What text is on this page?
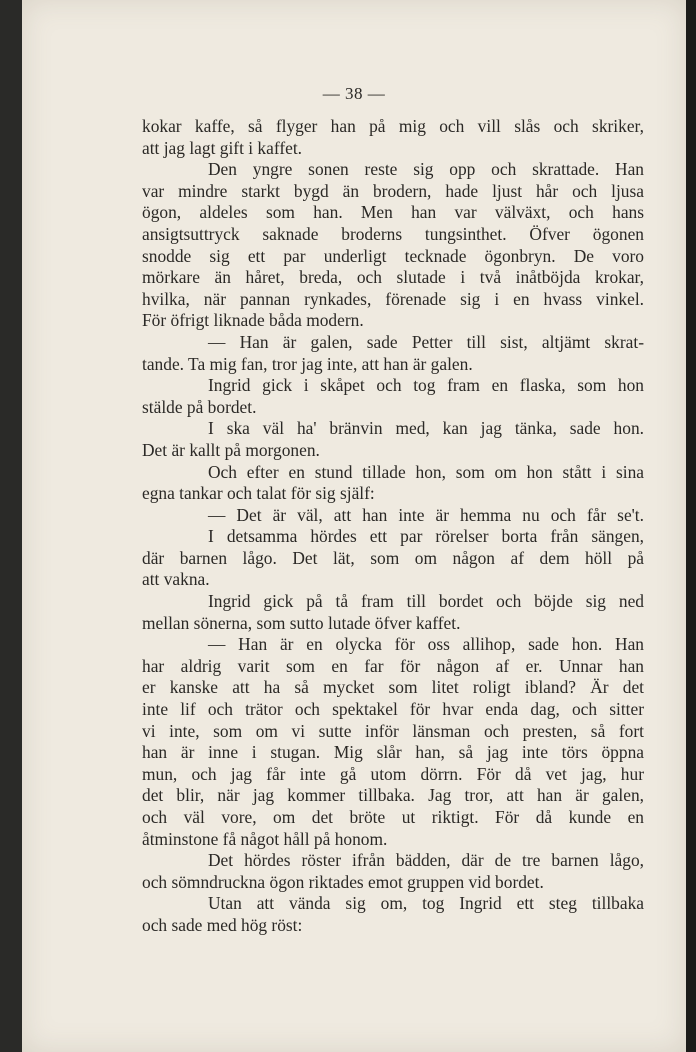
— 38 —
kokar kaffe, så flyger han på mig och vill slås och skriker,
att jag lagt gift i kaffet.
Den yngre sonen reste sig opp och skrattade. Han
var mindre starkt bygd än brodern, hade ljust hår och ljusa
ögon, aldeles som han. Men han var välväxt, och hans
ansigtsuttryck saknade broderns tungsinthet. Öfver ögonen
snodde sig ett par underligt tecknade ögonbryn. De voro
mörkare än håret, breda, och slutade i två inåtböjda krokar,
hvilka, när pannan rynkades, förenade sig i en hvass vinkel.
För öfrigt liknade båda modern.
— Han är galen, sade Petter till sist, altjämt skrat-
tande. Ta mig fan, tror jag inte, att han är galen.
Ingrid gick i skåpet och tog fram en flaska, som hon
stälde på bordet.
I ska väl ha' bränvin med, kan jag tänka, sade hon.
Det är kallt på morgonen.
Och efter en stund tillade hon, som om hon stått i sina
egna tankar och talat för sig själf:
— Det är väl, att han inte är hemma nu och får se't.
I detsamma hördes ett par rörelser borta från sängen,
där barnen lågo. Det lät, som om någon af dem höll på
att vakna.
Ingrid gick på tå fram till bordet och böjde sig ned
mellan sönerna, som sutto lutade öfver kaffet.
— Han är en olycka för oss allihop, sade hon. Han
har aldrig varit som en far för någon af er. Unnar han
er kanske att ha så mycket som litet roligt ibland? Är det
inte lif och trätor och spektakel för hvar enda dag, och sitter
vi inte, som om vi sutte inför länsman och presten, så fort
han är inne i stugan. Mig slår han, så jag inte törs öppna
mun, och jag får inte gå utom dörrn. För då vet jag, hur
det blir, när jag kommer tillbaka. Jag tror, att han är galen,
och väl vore, om det bröte ut riktigt. För då kunde en
åtminstone få något håll på honom.
Det hördes röster ifrån bädden, där de tre barnen lågo,
och sömndruckna ögon riktades emot gruppen vid bordet.
Utan att vända sig om, tog Ingrid ett steg tillbaka
och sade med hög röst:
